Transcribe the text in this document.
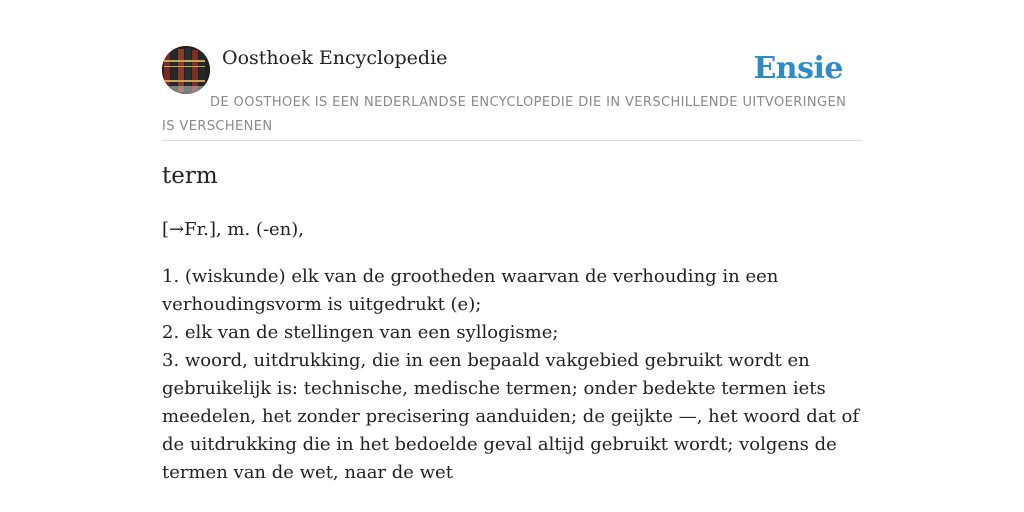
Oosthoek Encyclopedie	Ensie
DE OOSTHOEK IS EEN NEDERLANDSE ENCYCLOPEDIE DIE IN VERSCHILLENDE UITVOERINGEN IS VERSCHENEN
term
[→Fr.], m. (-en),

1. (wiskunde) elk van de grootheden waarvan de verhouding in een verhoudingsvorm is uitgedrukt (e);

2. elk van de stellingen van een syllogisme;

3. woord, uitdrukking, die in een bepaald vakgebied gebruikt wordt en gebruikelijk is: technische, medische termen; onder bedekte termen iets meedelen, het zonder precisering aanduiden; de geijkte —, het woord dat of de uitdrukking die in het bedoelde geval altijd gebruikt wordt; volgens de termen van de wet, naar de wet
